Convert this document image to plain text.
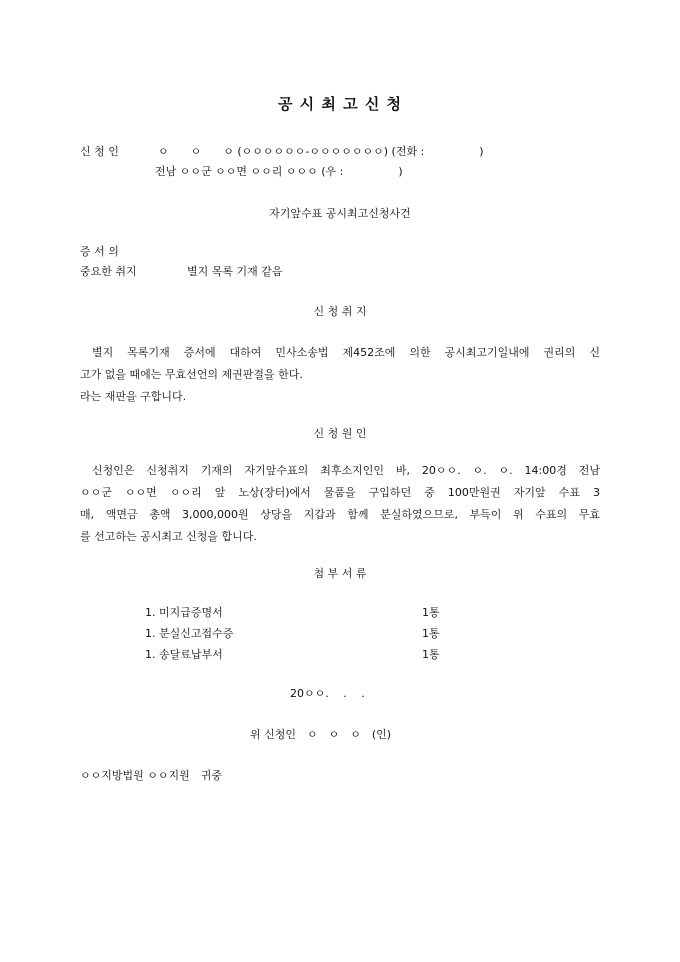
공 시 최 고 신 청
신 청 인	ㅇ　　ㅇ　　ㅇ (ㅇㅇㅇㅇㅇㅇ-ㅇㅇㅇㅇㅇㅇㅇ) (전화 :　　　　　)
전남 ㅇㅇ군 ㅇㅇ면 ㅇㅇ리 ㅇㅇㅇ (우 :　　　　　)
자기앞수표 공시최고신청사건
증 서 의
중요한 취지	별지 목록 기재 같음
신 청 취 지
별지 목록기재 증서에 대하여 민사소송법 제452조에 의한 공시최고기일내에 권리의 신
고가 없을 때에는 무효선언의 제권판결을 한다.
라는 재판을 구합니다.
신 청 원 인
신청인은 신청취지 기재의 자기앞수표의 최후소지인인 바, 20ㅇㅇ. ㅇ. ㅇ. 14:00경 전남
ㅇㅇ군 ㅇㅇ면 ㅇㅇ리 앞 노상(장터)에서 물품을 구입하던 중 100만원권 자기앞 수표 3
매, 액면금 총액 3,000,000원 상당을 지갑과 함께 분실하였으므로, 부득이 위 수표의 무효
를 선고하는 공시최고 신청을 합니다.
첨 부 서 류
1. 미지급증명서	1통
1. 분실신고접수증	1통
1. 송달료납부서	1통
20ㅇㅇ.　 .　 .
위 신청인　ㅇ　ㅇ　ㅇ　(인)
ㅇㅇ지방법원 ㅇㅇ지원　귀중
